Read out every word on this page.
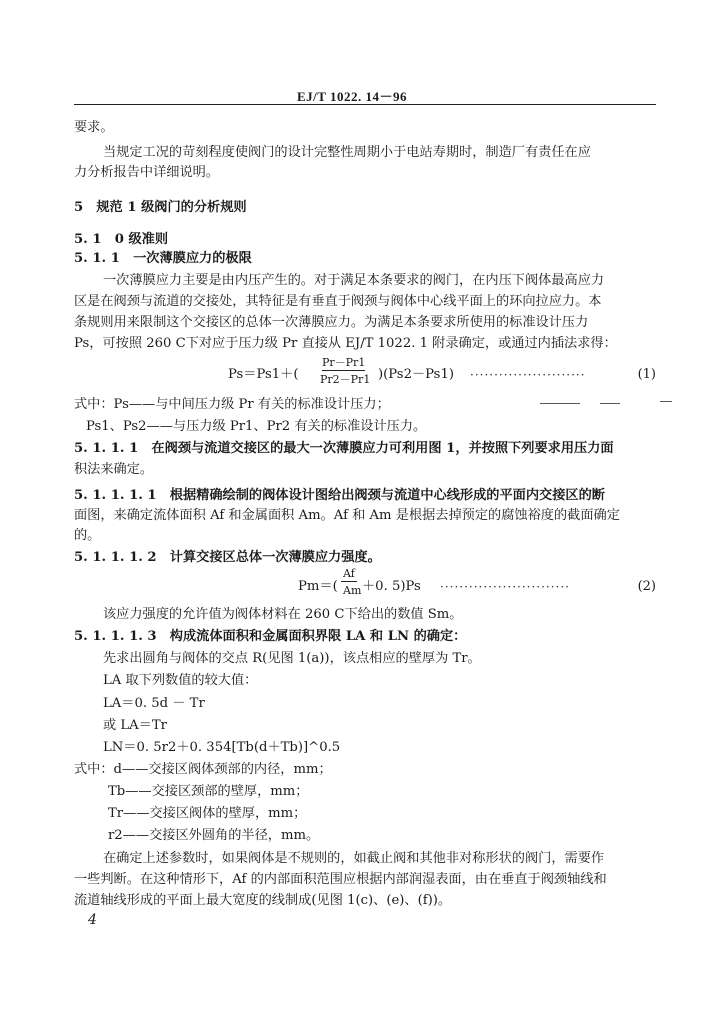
EJ/T 1022. 14－96
要求。
当规定工况的苛刻程度使阀门的设计完整性周期小于电站寿期时，制造厂有责任在应
力分析报告中详细说明。
5　规范 1 级阀门的分析规则
5. 1　0 级准则
5. 1. 1　一次薄膜应力的极限
一次薄膜应力主要是由内压产生的。对于满足本条要求的阀门，在内压下阀体最高应力
区是在阀颈与流道的交接处，其特征是有垂直于阀颈与阀体中心线平面上的环向拉应力。本
条规则用来限制这个交接区的总体一次薄膜应力。为满足本条要求所使用的标准设计压力
Ps，可按照 260 C下对应于压力级 Pr 直接从 EJ/T 1022. 1 附录确定，或通过内插法求得：
Ps＝Ps1＋(
Pr－Pr1
Pr2－Pr1 )(Ps2－Ps1) ························	(1)
式中：Ps——与中间压力级 Pr 有关的标准设计压力；
Ps1、Ps2——与压力级 Pr1、Pr2 有关的标准设计压力。
5. 1. 1. 1　在阀颈与流道交接区的最大一次薄膜应力可利用图 1，并按照下列要求用压力面
积法来确定。
5. 1. 1. 1. 1　根据精确绘制的阀体设计图给出阀颈与流道中心线形成的平面内交接区的断
面图，来确定流体面积 Af 和金属面积 Am。Af 和 Am 是根据去掉预定的腐蚀裕度的截面确定
的。
5. 1. 1. 1. 2　计算交接区总体一次薄膜应力强度。
Pm＝(
Af
Am ＋0. 5)Ps ···························	(2)
该应力强度的允许值为阀体材料在 260 C下给出的数值 Sm。
5. 1. 1. 1. 3　构成流体面积和金属面积界限 LA 和 LN 的确定：
先求出圆角与阀体的交点 R(见图 1(a))，该点相应的壁厚为 Tr。
LA 取下列数值的较大值：
LA＝0. 5d － Tr
或 LA＝Tr
LN＝0. 5r2＋0. 354[Tb(d＋Tb)]^0.5
式中：d——交接区阀体颈部的内径，mm；
Tb——交接区颈部的壁厚，mm；
Tr——交接区阀体的壁厚，mm；
r2——交接区外圆角的半径，mm。
在确定上述参数时，如果阀体是不规则的，如截止阀和其他非对称形状的阀门，需要作
一些判断。在这种情形下，Af 的内部面积范围应根据内部润湿表面，由在垂直于阀颈轴线和
流道轴线形成的平面上最大宽度的线制成(见图 1(c)、(e)、(f))。
4
